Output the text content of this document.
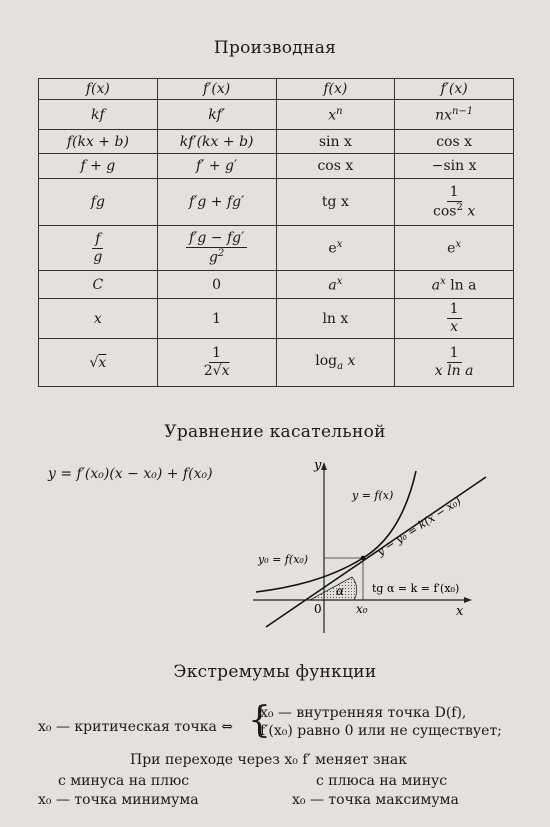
Производная
f(x)	f′(x)	f(x)	f′(x)
kf	kf′	$x^n$	$nx^{n-1}$
f(kx + b)	kf′(kx + b)	sin x	cos x
f + g	f′ + g′	cos x	−sin x
fg	f′g + fg′	tg x	$\frac{1}{\cos^2 x}$

$\frac{f}{g}$	$\frac{f'g - fg'}{g^2}$	$e^x$	$e^x$
C	0	$a^x$	$a^x$ ln a
x	1	ln x	$\frac{1}{x}$

√x	$\frac{1}{2√x}$	$\log_a x$	$\frac{1}{\text{x ln a}}$
Уравнение касательной
y = f′(x₀)(x − x₀) + f(x₀)
y
x
y = f(x)
y − y₀ = k(x − x₀)
y₀ = f(x₀)
α	tg α = k = f′(x₀)
0	x₀
Экстремумы функции
x₀ — критическая точка ⇔ {
x₀ — внутренняя точка D(f),
f′(x₀) равно 0 или не существует;
При переходе через x₀ f′ меняет знак
с минуса на плюс
x₀ — точка минимума
с плюса на минус
x₀ — точка максимума
